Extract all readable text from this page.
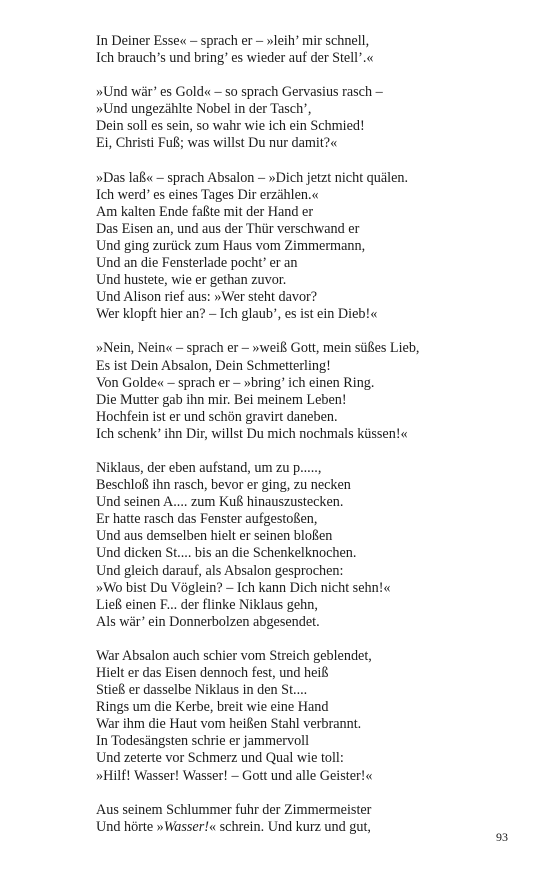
In Deiner Esse« – sprach er – »leih’ mir schnell,
Ich brauch’s und bring’ es wieder auf der Stell’.«
»Und wär’ es Gold« – so sprach Gervasius rasch –
»Und ungezählte Nobel in der Tasch’,
Dein soll es sein, so wahr wie ich ein Schmied!
Ei, Christi Fuß; was willst Du nur damit?«
»Das laß« – sprach Absalon – »Dich jetzt nicht quälen.
Ich werd’ es eines Tages Dir erzählen.«
Am kalten Ende faßte mit der Hand er
Das Eisen an, und aus der Thür verschwand er
Und ging zurück zum Haus vom Zimmermann,
Und an die Fensterlade pocht’ er an
Und hustete, wie er gethan zuvor.
Und Alison rief aus: »Wer steht davor?
Wer klopft hier an? – Ich glaub’, es ist ein Dieb!«
»Nein, Nein« – sprach er – »weiß Gott, mein süßes Lieb,
Es ist Dein Absalon, Dein Schmetterling!
Von Golde« – sprach er – »bring’ ich einen Ring.
Die Mutter gab ihn mir. Bei meinem Leben!
Hochfein ist er und schön gravirt daneben.
Ich schenk’ ihn Dir, willst Du mich nochmals küssen!«
Niklaus, der eben aufstand, um zu p.....,
Beschloß ihn rasch, bevor er ging, zu necken
Und seinen A.... zum Kuß hinauszustecken.
Er hatte rasch das Fenster aufgestoßen,
Und aus demselben hielt er seinen bloßen
Und dicken St.... bis an die Schenkelknochen.
Und gleich darauf, als Absalon gesprochen:
»Wo bist Du Vöglein? – Ich kann Dich nicht sehn!«
Ließ einen F... der flinke Niklaus gehn,
Als wär’ ein Donnerbolzen abgesendet.
War Absalon auch schier vom Streich geblendet,
Hielt er das Eisen dennoch fest, und heiß
Stieß er dasselbe Niklaus in den St....
Rings um die Kerbe, breit wie eine Hand
War ihm die Haut vom heißen Stahl verbrannt.
In Todesängsten schrie er jammervoll
Und zeterte vor Schmerz und Qual wie toll:
»Hilf! Wasser! Wasser! – Gott und alle Geister!«
Aus seinem Schlummer fuhr der Zimmermeister
Und hörte »Wasser!« schrein. Und kurz und gut,
93
